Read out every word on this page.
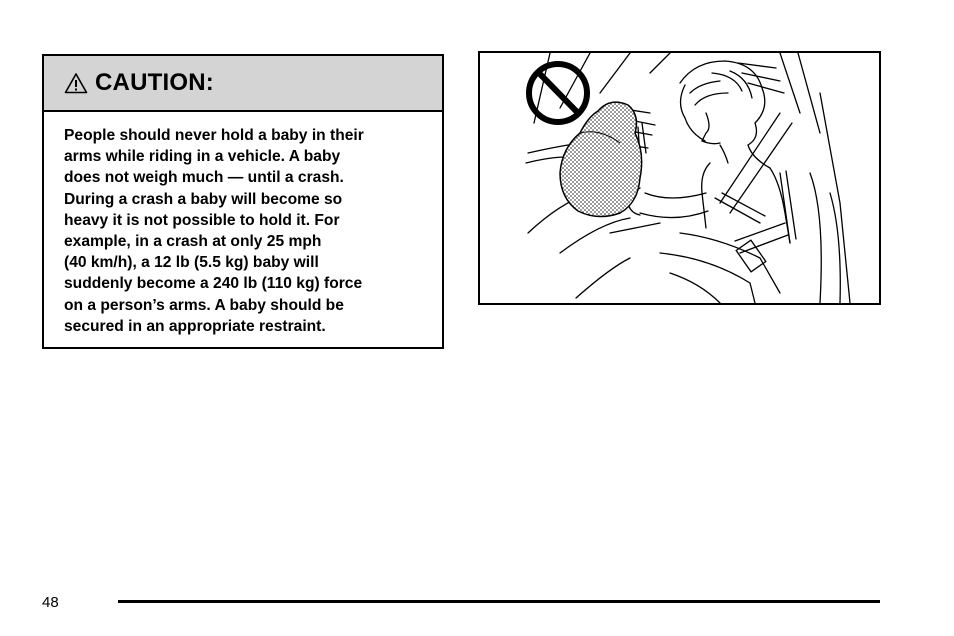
CAUTION:
People should never hold a baby in their
arms while riding in a vehicle. A baby
does not weigh much — until a crash.
During a crash a baby will become so
heavy it is not possible to hold it. For
example, in a crash at only 25 mph
(40 km/h), a 12 lb (5.5 kg) baby will
suddenly become a 240 lb (110 kg) force
on a person’s arms. A baby should be
secured in an appropriate restraint.
48
